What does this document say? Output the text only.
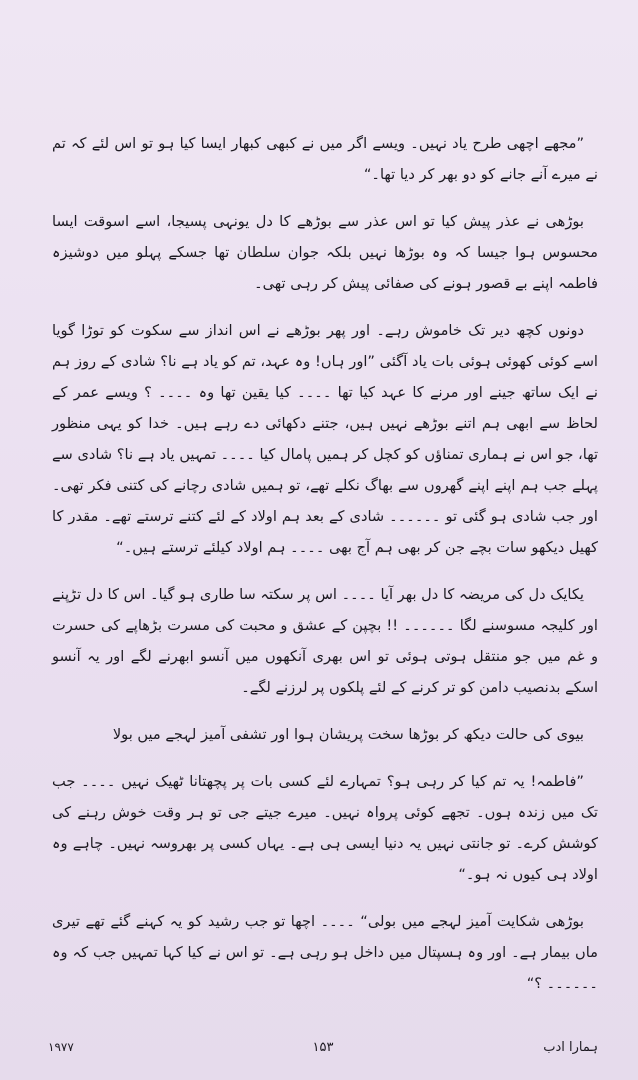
”مجھے اچھی طرح یاد نہیں۔ ویسے اگر میں نے کبھی کبھار ایسا کیا ہو تو اس لئے کہ تم نے میرے آنے جانے کو دو بھر کر دیا تھا۔“

بوڑھی نے عذر پیش کیا تو اس عذر سے بوڑھے کا دل یونہی پسیجا، اسے اسوقت ایسا محسوس ہوا جیسا کہ وہ بوڑھا نہیں بلکہ جوان سلطان تھا جسکے پہلو میں دوشیزہ فاطمہ اپنے بے قصور ہونے کی صفائی پیش کر رہی تھی۔

دونوں کچھ دیر تک خاموش رہے۔ اور پھر بوڑھے نے اس انداز سے سکوت کو توڑا گویا اسے کوئی کھوئی ہوئی بات یاد آگئی ”اور ہاں! وہ عہد، تم کو یاد ہے نا؟ شادی کے روز ہم نے ایک ساتھ جینے اور مرنے کا عہد کیا تھا ۔۔۔۔ کیا یقین تھا وہ ۔۔۔۔ ؟ ویسے عمر کے لحاظ سے ابھی ہم اتنے بوڑھے نہیں ہیں، جتنے دکھائی دے رہے ہیں۔ خدا کو یہی منظور تھا، جو اس نے ہماری تمناؤں کو کچل کر ہمیں پامال کیا ۔۔۔۔ تمہیں یاد ہے نا؟ شادی سے پہلے جب ہم اپنے اپنے گھروں سے بھاگ نکلے تھے، تو ہمیں شادی رچانے کی کتنی فکر تھی۔ اور جب شادی ہو گئی تو ۔۔۔۔۔۔ شادی کے بعد ہم اولاد کے لئے کتنے ترستے تھے۔ مقدر کا کھیل دیکھو سات بچے جن کر بھی ہم آج بھی ۔۔۔۔ ہم اولاد کیلئے ترستے ہیں۔“

یکایک دل کی مریضہ کا دل بھر آیا ۔۔۔۔ اس پر سکتہ سا طاری ہو گیا۔ اس کا دل تڑپنے اور کلیجہ مسوسنے لگا ۔۔۔۔۔۔ !! بچپن کے عشق و محبت کی مسرت بڑھاپے کی حسرت و غم میں جو منتقل ہوتی ہوئی تو اس بھری آنکھوں میں آنسو ابھرنے لگے اور یہ آنسو اسکے بدنصیب دامن کو تر کرنے کے لئے پلکوں پر لرزنے لگے۔

بیوی کی حالت دیکھ کر بوڑھا سخت پریشان ہوا اور تشفی آمیز لہجے میں بولا

”فاطمہ! یہ تم کیا کر رہی ہو؟ تمہارے لئے کسی بات پر پچھتانا ٹھیک نہیں ۔۔۔۔ جب تک میں زندہ ہوں۔ تجھے کوئی پرواہ نہیں۔ میرے جیتے جی تو ہر وقت خوش رہنے کی کوشش کرے۔ تو جانتی نہیں یہ دنیا ایسی ہی ہے۔ یہاں کسی پر بھروسہ نہیں۔ چاہے وہ اولاد ہی کیوں نہ ہو۔“

بوڑھی شکایت آمیز لہجے میں بولی“ ۔۔۔۔ اچھا تو جب رشید کو یہ کہنے گئے تھے تیری ماں بیمار ہے۔ اور وہ ہسپتال میں داخل ہو رہی ہے۔ تو اس نے کیا کہا تمہیں جب کہ وہ ۔۔۔۔۔۔ ؟“

۱۹۷۷	۱۵۳	ہمارا ادب
